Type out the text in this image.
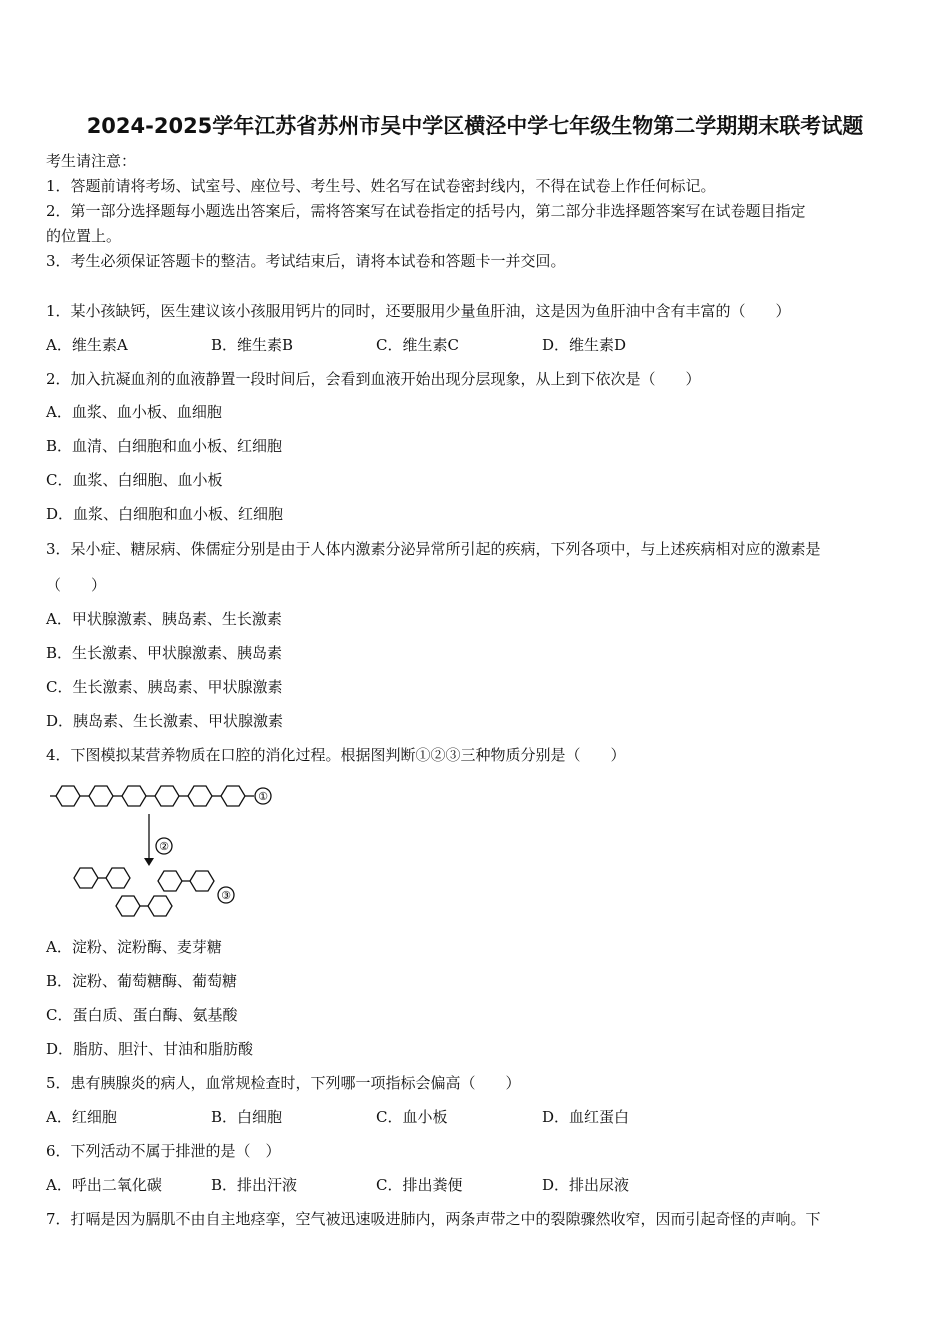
2024-2025学年江苏省苏州市吴中学区横泾中学七年级生物第二学期期末联考试题
考生请注意：
1．答题前请将考场、试室号、座位号、考生号、姓名写在试卷密封线内，不得在试卷上作任何标记。
2．第一部分选择题每小题选出答案后，需将答案写在试卷指定的括号内，第二部分非选择题答案写在试卷题目指定
的位置上。
3．考生必须保证答题卡的整洁。考试结束后，请将本试卷和答题卡一并交回。
1．某小孩缺钙，医生建议该小孩服用钙片的同时，还要服用少量鱼肝油，这是因为鱼肝油中含有丰富的（　　）
A．维生素A	B．维生素B	C．维生素C	D．维生素D
2．加入抗凝血剂的血液静置一段时间后，会看到血液开始出现分层现象，从上到下依次是（　　）
A．血浆、血小板、血细胞
B．血清、白细胞和血小板、红细胞
C．血浆、白细胞、血小板
D．血浆、白细胞和血小板、红细胞
3．呆小症、糖尿病、侏儒症分别是由于人体内激素分泌异常所引起的疾病，下列各项中，与上述疾病相对应的激素是
（　　）
A．甲状腺激素、胰岛素、生长激素
B．生长激素、甲状腺激素、胰岛素
C．生长激素、胰岛素、甲状腺激素
D．胰岛素、生长激素、甲状腺激素
4．下图模拟某营养物质在口腔的消化过程。根据图判断①②③三种物质分别是（　　）
①
②
③
A．淀粉、淀粉酶、麦芽糖
B．淀粉、葡萄糖酶、葡萄糖
C．蛋白质、蛋白酶、氨基酸
D．脂肪、胆汁、甘油和脂肪酸
5．患有胰腺炎的病人，血常规检查时，下列哪一项指标会偏高（　　）
A．红细胞	B．白细胞	C．血小板	D．血红蛋白
6．下列活动不属于排泄的是（　）
A．呼出二氧化碳	B．排出汗液	C．排出粪便	D．排出尿液
7．打嗝是因为膈肌不由自主地痉挛，空气被迅速吸进肺内，两条声带之中的裂隙骤然收窄，因而引起奇怪的声响。下
